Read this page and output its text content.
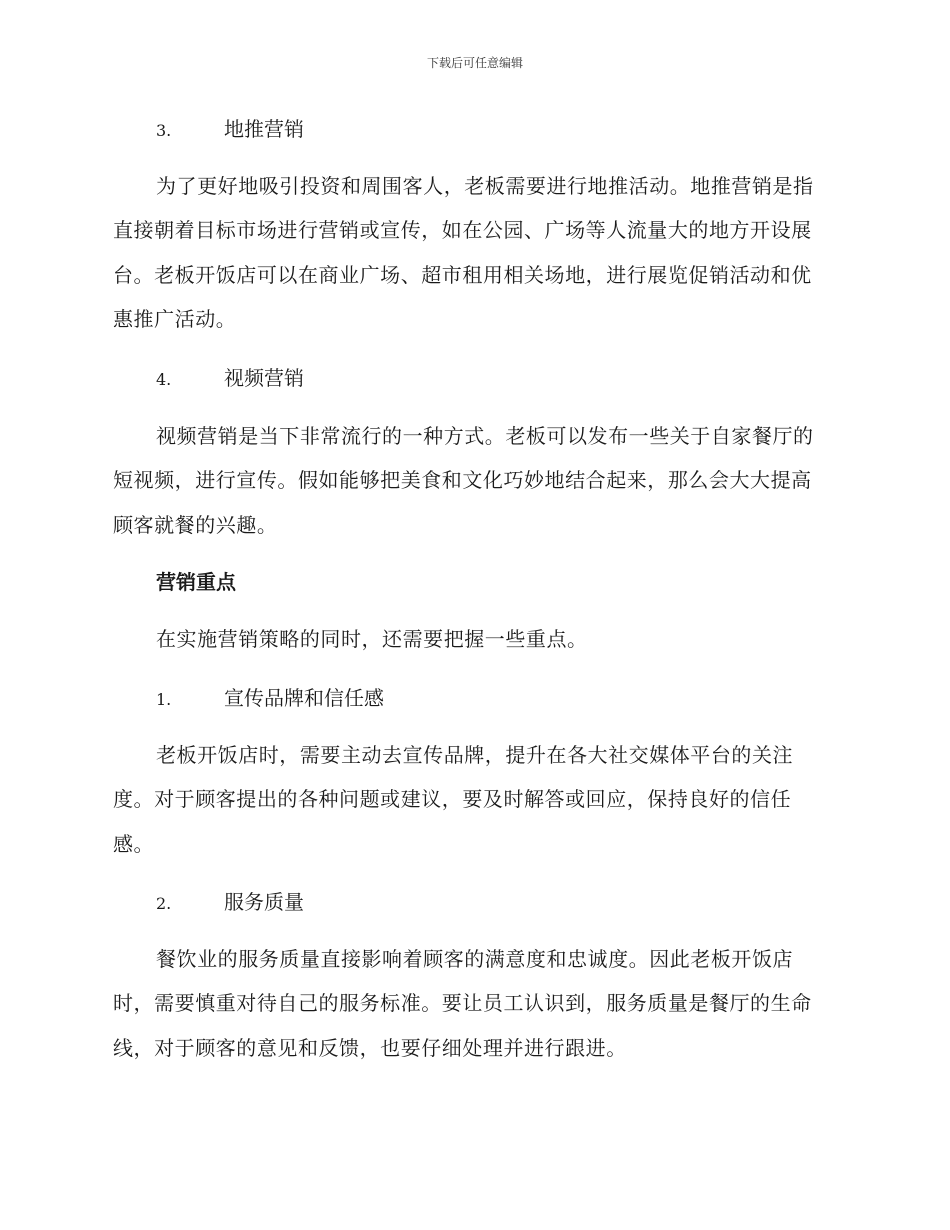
下载后可任意编辑
3.	地推营销

为了更好地吸引投资和周围客人，老板需要进行地推活动。地推营销是指直接朝着目标市场进行营销或宣传，如在公园、广场等人流量大的地方开设展台。老板开饭店可以在商业广场、超市租用相关场地，进行展览促销活动和优惠推广活动。

4.	视频营销

视频营销是当下非常流行的一种方式。老板可以发布一些关于自家餐厅的短视频，进行宣传。假如能够把美食和文化巧妙地结合起来，那么会大大提高顾客就餐的兴趣。

营销重点

在实施营销策略的同时，还需要把握一些重点。

1.	宣传品牌和信任感

老板开饭店时，需要主动去宣传品牌，提升在各大社交媒体平台的关注度。对于顾客提出的各种问题或建议，要及时解答或回应，保持良好的信任感。

2.	服务质量

餐饮业的服务质量直接影响着顾客的满意度和忠诚度。因此老板开饭店时，需要慎重对待自己的服务标准。要让员工认识到，服务质量是餐厅的生命线，对于顾客的意见和反馈，也要仔细处理并进行跟进。
